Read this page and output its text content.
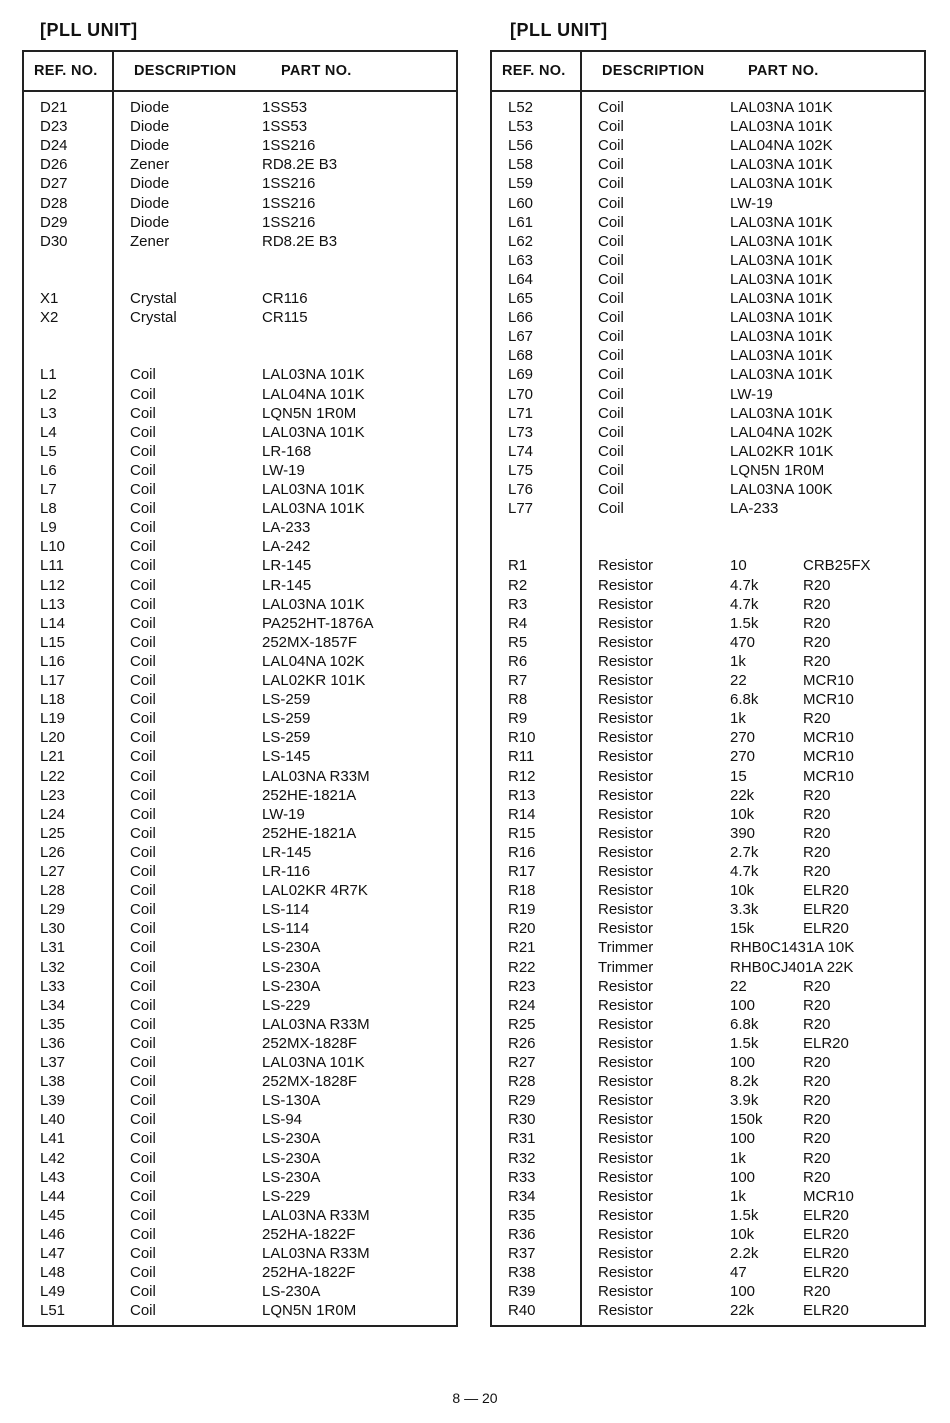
[PLL UNIT]
REF. NO.	DESCRIPTION	PART NO.
D21	Diode	1SS53
D23	Diode	1SS53
D24	Diode	1SS216
D26	Zener	RD8.2E B3
D27	Diode	1SS216
D28	Diode	1SS216
D29	Diode	1SS216
D30	Zener	RD8.2E B3
X1	Crystal	CR116
X2	Crystal	CR115
L1	Coil	LAL03NA 101K
L2	Coil	LAL04NA 101K
L3	Coil	LQN5N 1R0M
L4	Coil	LAL03NA 101K
L5	Coil	LR-168
L6	Coil	LW-19
L7	Coil	LAL03NA 101K
L8	Coil	LAL03NA 101K
L9	Coil	LA-233
L10	Coil	LA-242
L11	Coil	LR-145
L12	Coil	LR-145
L13	Coil	LAL03NA 101K
L14	Coil	PA252HT-1876A
L15	Coil	252MX-1857F
L16	Coil	LAL04NA 102K
L17	Coil	LAL02KR 101K
L18	Coil	LS-259
L19	Coil	LS-259
L20	Coil	LS-259
L21	Coil	LS-145
L22	Coil	LAL03NA R33M
L23	Coil	252HE-1821A
L24	Coil	LW-19
L25	Coil	252HE-1821A
L26	Coil	LR-145
L27	Coil	LR-116
L28	Coil	LAL02KR 4R7K
L29	Coil	LS-114
L30	Coil	LS-114
L31	Coil	LS-230A
L32	Coil	LS-230A
L33	Coil	LS-230A
L34	Coil	LS-229
L35	Coil	LAL03NA R33M
L36	Coil	252MX-1828F
L37	Coil	LAL03NA 101K
L38	Coil	252MX-1828F
L39	Coil	LS-130A
L40	Coil	LS-94
L41	Coil	LS-230A
L42	Coil	LS-230A
L43	Coil	LS-230A
L44	Coil	LS-229
L45	Coil	LAL03NA R33M
L46	Coil	252HA-1822F
L47	Coil	LAL03NA R33M
L48	Coil	252HA-1822F
L49	Coil	LS-230A
L51	Coil	LQN5N 1R0M
[PLL UNIT]
REF. NO.	DESCRIPTION	PART NO.
L52	Coil	LAL03NA 101K
L53	Coil	LAL03NA 101K
L56	Coil	LAL04NA 102K
L58	Coil	LAL03NA 101K
L59	Coil	LAL03NA 101K
L60	Coil	LW-19
L61	Coil	LAL03NA 101K
L62	Coil	LAL03NA 101K
L63	Coil	LAL03NA 101K
L64	Coil	LAL03NA 101K
L65	Coil	LAL03NA 101K
L66	Coil	LAL03NA 101K
L67	Coil	LAL03NA 101K
L68	Coil	LAL03NA 101K
L69	Coil	LAL03NA 101K
L70	Coil	LW-19
L71	Coil	LAL03NA 101K
L73	Coil	LAL04NA 102K
L74	Coil	LAL02KR 101K
L75	Coil	LQN5N 1R0M
L76	Coil	LAL03NA 100K
L77	Coil	LA-233
R1	Resistor	10	CRB25FX
R2	Resistor	4.7k	R20
R3	Resistor	4.7k	R20
R4	Resistor	1.5k	R20
R5	Resistor	470	R20
R6	Resistor	1k	R20
R7	Resistor	22	MCR10
R8	Resistor	6.8k	MCR10
R9	Resistor	1k	R20
R10	Resistor	270	MCR10
R11	Resistor	270	MCR10
R12	Resistor	15	MCR10
R13	Resistor	22k	R20
R14	Resistor	10k	R20
R15	Resistor	390	R20
R16	Resistor	2.7k	R20
R17	Resistor	4.7k	R20
R18	Resistor	10k	ELR20
R19	Resistor	3.3k	ELR20
R20	Resistor	15k	ELR20
R21	Trimmer	RHB0C1431A 10K
R22	Trimmer	RHB0CJ401A 22K
R23	Resistor	22	R20
R24	Resistor	100	R20
R25	Resistor	6.8k	R20
R26	Resistor	1.5k	ELR20
R27	Resistor	100	R20
R28	Resistor	8.2k	R20
R29	Resistor	3.9k	R20
R30	Resistor	150k	R20
R31	Resistor	100	R20
R32	Resistor	1k	R20
R33	Resistor	100	R20
R34	Resistor	1k	MCR10
R35	Resistor	1.5k	ELR20
R36	Resistor	10k	ELR20
R37	Resistor	2.2k	ELR20
R38	Resistor	47	ELR20
R39	Resistor	100	R20
R40	Resistor	22k	ELR20
8 — 20
